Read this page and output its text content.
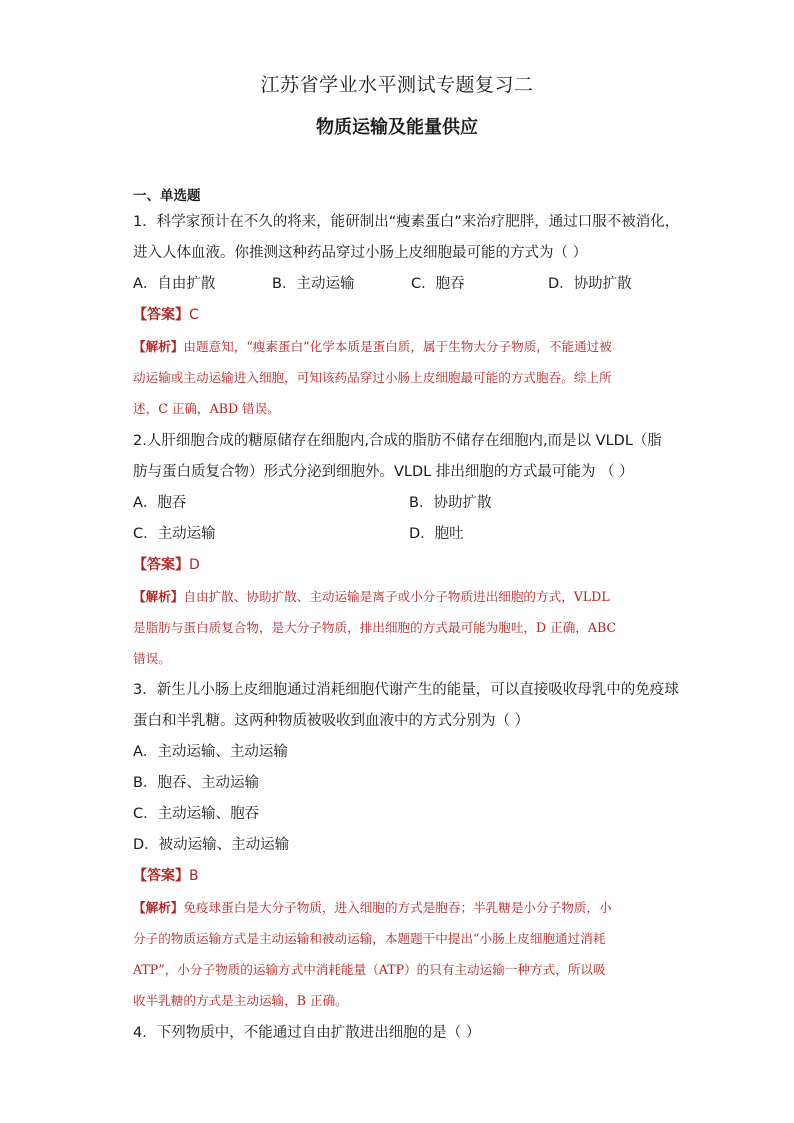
江苏省学业水平测试专题复习二
物质运输及能量供应
一、单选题
1．科学家预计在不久的将来，能研制出“瘦素蛋白”来治疗肥胖，通过口服不被消化，
进入人体血液。你推测这种药品穿过小肠上皮细胞最可能的方式为（ ）
A．自由扩散	B．主动运输	C．胞吞	D．协助扩散
【答案】C
【解析】由题意知，“瘦素蛋白”化学本质是蛋白质，属于生物大分子物质，不能通过被
动运输或主动运输进入细胞，可知该药品穿过小肠上皮细胞最可能的方式胞吞。综上所
述，C 正确，ABD 错误。
2.人肝细胞合成的糖原储存在细胞内,合成的脂肪不储存在细胞内,而是以 VLDL（脂
肪与蛋白质复合物）形式分泌到细胞外。VLDL 排出细胞的方式最可能为 （ ）
A．胞吞	B．协助扩散
C．主动运输	D．胞吐
【答案】D
【解析】自由扩散、协助扩散、主动运输是离子或小分子物质进出细胞的方式，VLDL
是脂肪与蛋白质复合物，是大分子物质，排出细胞的方式最可能为胞吐，D 正确，ABC
错误。
3．新生儿小肠上皮细胞通过消耗细胞代谢产生的能量，可以直接吸收母乳中的免疫球
蛋白和半乳糖。这两种物质被吸收到血液中的方式分别为（ ）
A．主动运输、主动运输
B．胞吞、主动运输
C．主动运输、胞吞
D．被动运输、主动运输
【答案】B
【解析】免疫球蛋白是大分子物质，进入细胞的方式是胞吞；半乳糖是小分子物质，小
分子的物质运输方式是主动运输和被动运输，本题题干中提出“小肠上皮细胞通过消耗
ATP”，小分子物质的运输方式中消耗能量（ATP）的只有主动运输一种方式，所以吸
收半乳糖的方式是主动运输，B 正确。
4．下列物质中，不能通过自由扩散进出细胞的是（ ）
